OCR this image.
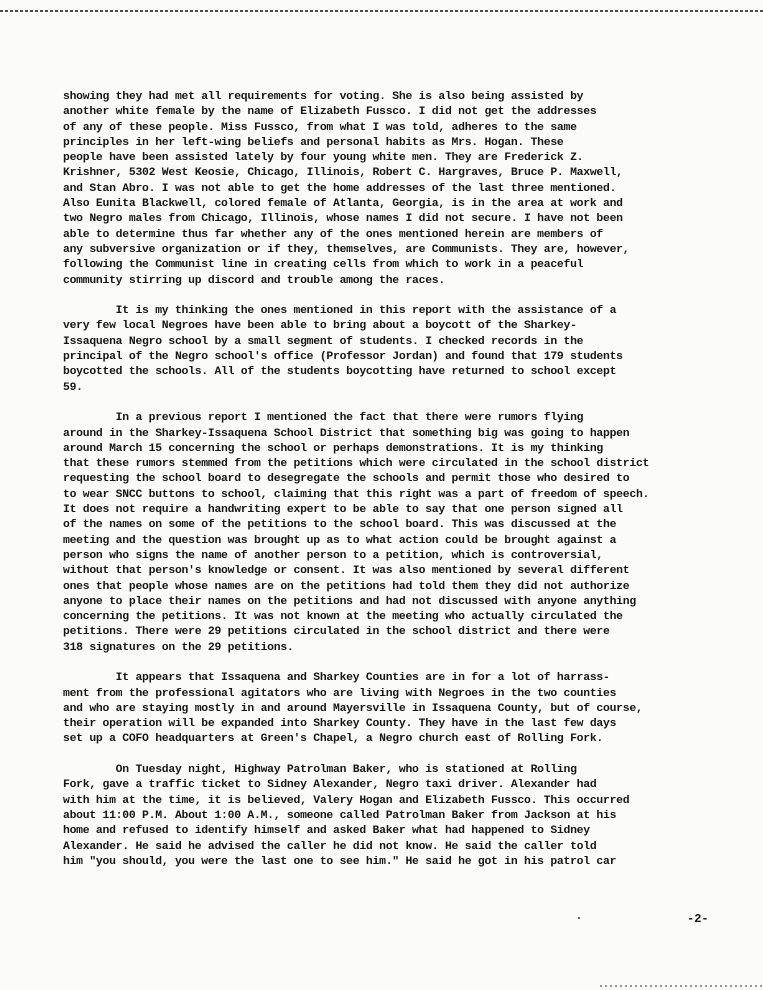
showing they had met all requirements for voting. She is also being assisted by
another white female by the name of Elizabeth Fussco. I did not get the addresses
of any of these people. Miss Fussco, from what I was told, adheres to the same
principles in her left-wing beliefs and personal habits as Mrs. Hogan. These
people have been assisted lately by four young white men. They are Frederick Z.
Krishner, 5302 West Keosie, Chicago, Illinois, Robert C. Hargraves, Bruce P. Maxwell,
and Stan Abro. I was not able to get the home addresses of the last three mentioned.
Also Eunita Blackwell, colored female of Atlanta, Georgia, is in the area at work and
two Negro males from Chicago, Illinois, whose names I did not secure. I have not been
able to determine thus far whether any of the ones mentioned herein are members of
any subversive organization or if they, themselves, are Communists. They are, however,
following the Communist line in creating cells from which to work in a peaceful
community stirring up discord and trouble among the races.
It is my thinking the ones mentioned in this report with the assistance of a
very few local Negroes have been able to bring about a boycott of the Sharkey-
Issaquena Negro school by a small segment of students. I checked records in the
principal of the Negro school's office (Professor Jordan) and found that 179 students
boycotted the schools. All of the students boycotting have returned to school except
59.
In a previous report I mentioned the fact that there were rumors flying
around in the Sharkey-Issaquena School District that something big was going to happen
around March 15 concerning the school or perhaps demonstrations. It is my thinking
that these rumors stemmed from the petitions which were circulated in the school district
requesting the school board to desegregate the schools and permit those who desired to
to wear SNCC buttons to school, claiming that this right was a part of freedom of speech.
It does not require a handwriting expert to be able to say that one person signed all
of the names on some of the petitions to the school board. This was discussed at the
meeting and the question was brought up as to what action could be brought against a
person who signs the name of another person to a petition, which is controversial,
without that person's knowledge or consent. It was also mentioned by several different
ones that people whose names are on the petitions had told them they did not authorize
anyone to place their names on the petitions and had not discussed with anyone anything
concerning the petitions. It was not known at the meeting who actually circulated the
petitions. There were 29 petitions circulated in the school district and there were
318 signatures on the 29 petitions.
It appears that Issaquena and Sharkey Counties are in for a lot of harrass-
ment from the professional agitators who are living with Negroes in the two counties
and who are staying mostly in and around Mayersville in Issaquena County, but of course,
their operation will be expanded into Sharkey County. They have in the last few days
set up a COFO headquarters at Green's Chapel, a Negro church east of Rolling Fork.
On Tuesday night, Highway Patrolman Baker, who is stationed at Rolling
Fork, gave a traffic ticket to Sidney Alexander, Negro taxi driver. Alexander had
with him at the time, it is believed, Valery Hogan and Elizabeth Fussco. This occurred
about 11:00 P.M. About 1:00 A.M., someone called Patrolman Baker from Jackson at his
home and refused to identify himself and asked Baker what had happened to Sidney
Alexander. He said he advised the caller he did not know. He said the caller told
him "you should, you were the last one to see him." He said he got in his patrol car
-2-
